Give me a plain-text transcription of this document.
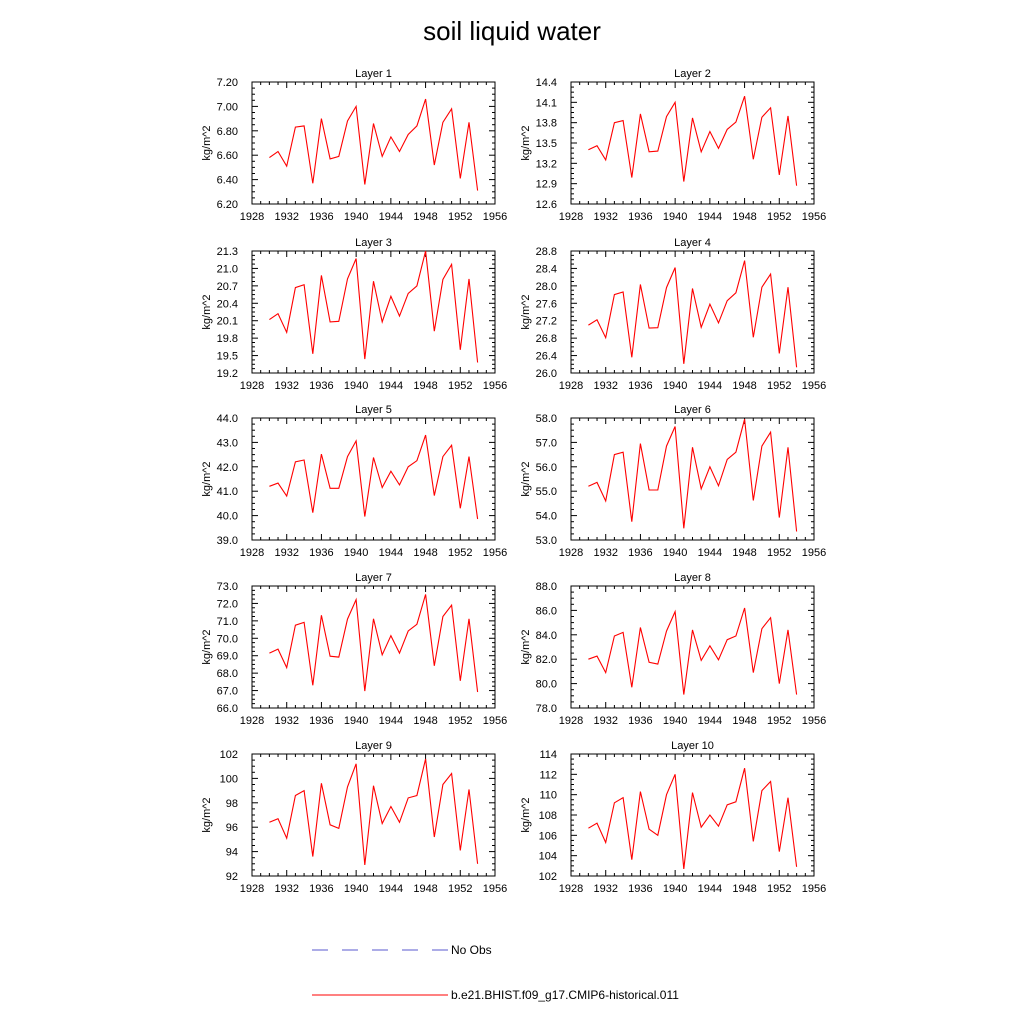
soil liquid water
Layer 1
kg/m^2
1928 1932 1936 1940 1944 1948 1952 1956
6.20
6.40
6.60
6.80
7.00
7.20
Layer 2
kg/m^2
1928 1932 1936 1940 1944 1948 1952 1956
12.6
12.9
13.2
13.5
13.8
14.1
14.4
Layer 3
kg/m^2
1928 1932 1936 1940 1944 1948 1952 1956
19.2
19.5
19.8
20.1
20.4
20.7
21.0
21.3
Layer 4
kg/m^2
1928 1932 1936 1940 1944 1948 1952 1956
26.0
26.4
26.8
27.2
27.6
28.0
28.4
28.8
Layer 5
kg/m^2
1928 1932 1936 1940 1944 1948 1952 1956
39.0
40.0
41.0
42.0
43.0
44.0
Layer 6
kg/m^2
1928 1932 1936 1940 1944 1948 1952 1956
53.0
54.0
55.0
56.0
57.0
58.0
Layer 7
kg/m^2
1928 1932 1936 1940 1944 1948 1952 1956
66.0
67.0
68.0
69.0
70.0
71.0
72.0
73.0
Layer 8
kg/m^2
1928 1932 1936 1940 1944 1948 1952 1956
78.0
80.0
82.0
84.0
86.0
88.0
Layer 9
kg/m^2
1928 1932 1936 1940 1944 1948 1952 1956
92
94
96
98
100
102
Layer 10
kg/m^2
1928 1932 1936 1940 1944 1948 1952 1956
102
104
106
108
110
112
114
No Obs
b.e21.BHIST.f09_g17.CMIP6-historical.011
